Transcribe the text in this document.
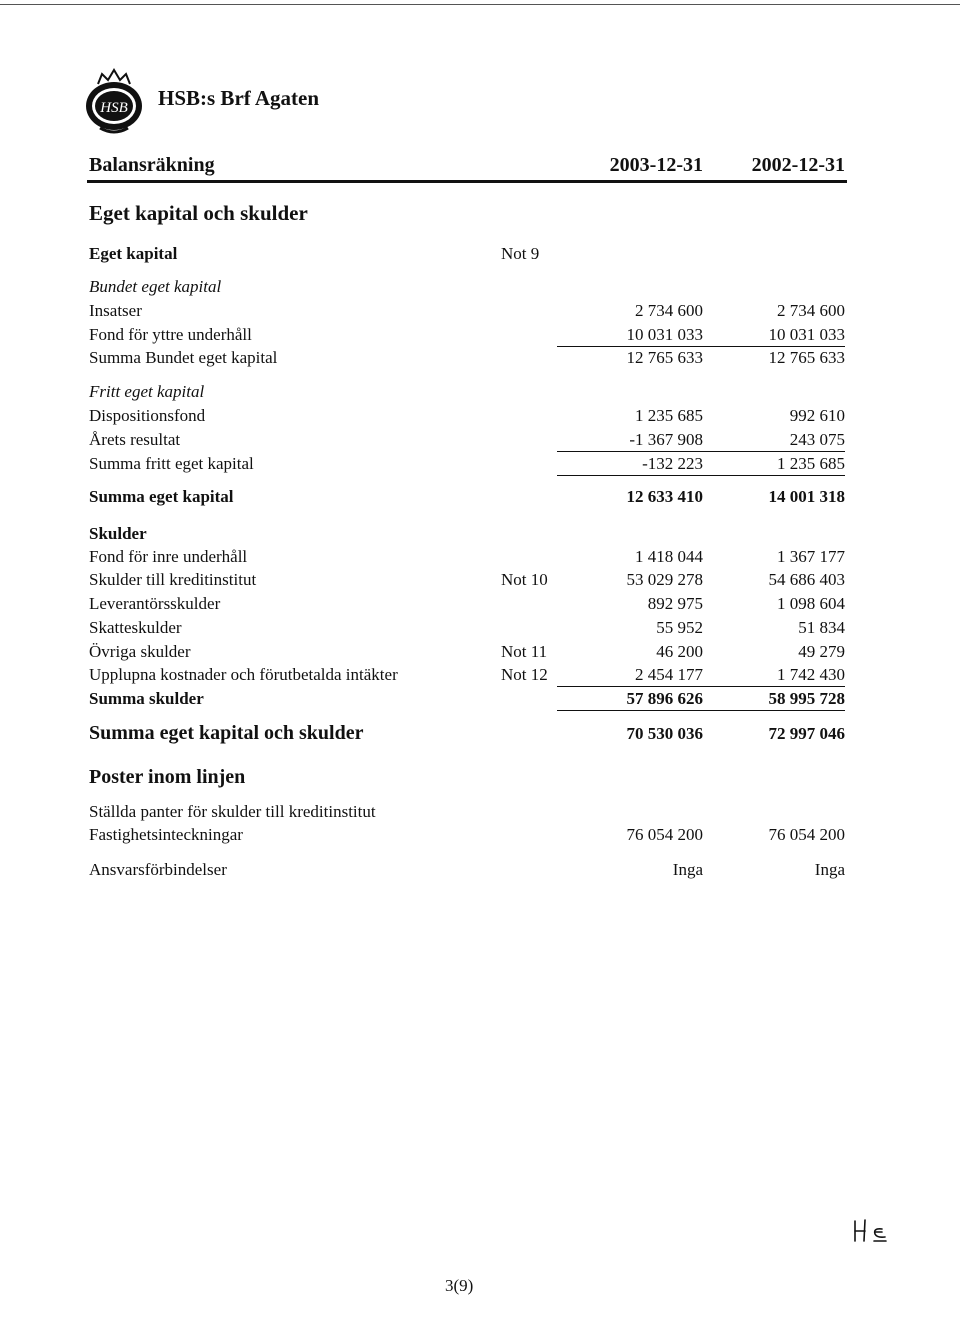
HSB HSB:s Brf Agaten
Balansräkning	2003-12-31	2002-12-31
Eget kapital och skulder
Eget kapital	Not 9
Bundet eget kapital
Insatser	2 734 600	2 734 600
Fond för yttre underhåll	10 031 033	10 031 033
Summa Bundet eget kapital	12 765 633	12 765 633
Fritt eget kapital
Dispositionsfond	1 235 685	992 610
Årets resultat	-1 367 908	243 075
Summa fritt eget kapital	-132 223	1 235 685
Summa eget kapital	12 633 410	14 001 318
Skulder
Fond för inre underhåll	1 418 044	1 367 177
Skulder till kreditinstitut	Not 10	53 029 278	54 686 403
Leverantörsskulder	892 975	1 098 604
Skatteskulder	55 952	51 834
Övriga skulder	Not 11	46 200	49 279
Upplupna kostnader och förutbetalda intäkter	Not 12	2 454 177	1 742 430
Summa skulder	57 896 626	58 995 728
Summa eget kapital och skulder	70 530 036	72 997 046
Poster inom linjen
Ställda panter för skulder till kreditinstitut
Fastighetsinteckningar	76 054 200	76 054 200
Ansvarsförbindelser	Inga	Inga
3(9)
